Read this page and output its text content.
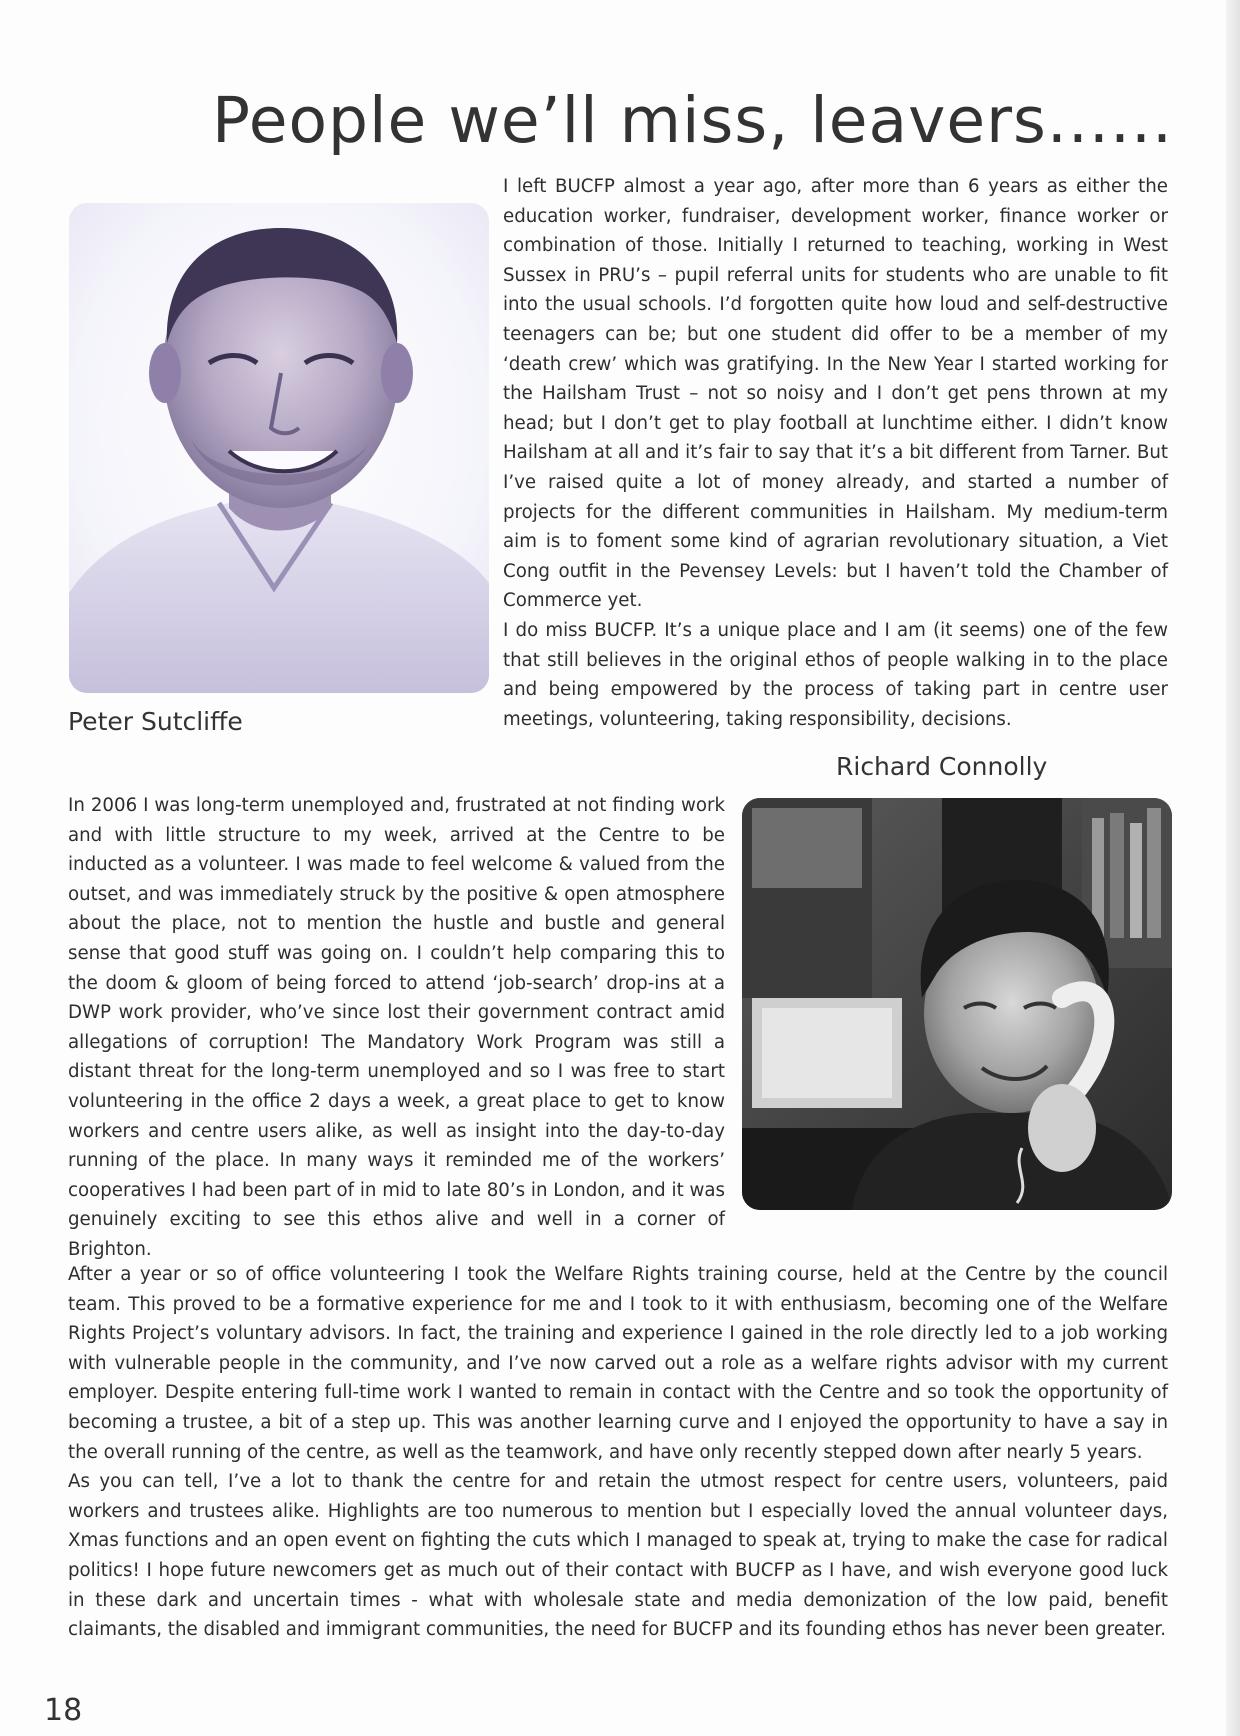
People we’ll miss, leavers......

Peter Sutcliffe

I left BUCFP almost a year ago, after more than 6 years as either the education worker, fundraiser, development worker, finance worker or combination of those. Initially I returned to teaching, working in West Sussex in PRU’s – pupil referral units for students who are unable to fit into the usual schools. I’d forgotten quite how loud and self-destructive teenagers can be; but one student did offer to be a member of my ‘death crew’ which was gratifying. In the New Year I started working for the Hailsham Trust – not so noisy and I don’t get pens thrown at my head; but I don’t get to play football at lunchtime either. I didn’t know Hailsham at all and it’s fair to say that it’s a bit different from Tarner. But I’ve raised quite a lot of money already, and started a number of projects for the different communities in Hailsham. My medium-term aim is to foment some kind of agrarian revolutionary situation, a Viet Cong outfit in the Pevensey Levels: but I haven’t told the Chamber of Commerce yet.

I do miss BUCFP. It’s a unique place and I am (it seems) one of the few that still believes in the original ethos of people walking in to the place and being empowered by the process of taking part in centre user meetings, volunteering, taking responsibility, decisions.

Richard Connolly

In 2006 I was long-term unemployed and, frustrated at not finding work and with little structure to my week, arrived at the Centre to be inducted as a volunteer. I was made to feel welcome & valued from the outset, and was immediately struck by the positive & open atmosphere about the place, not to mention the hustle and bustle and general sense that good stuff was going on. I couldn’t help comparing this to the doom & gloom of being forced to attend ‘job-search’ drop-ins at a DWP work provider, who’ve since lost their government contract amid allegations of corruption! The Mandatory Work Program was still a distant threat for the long-term unemployed and so I was free to start volunteering in the office 2 days a week, a great place to get to know workers and centre users alike, as well as insight into the day-to-day running of the place. In many ways it reminded me of the workers’ cooperatives I had been part of in mid to late 80’s in London, and it was genuinely exciting to see this ethos alive and well in a corner of Brighton.

After a year or so of office volunteering I took the Welfare Rights training course, held at the Centre by the council team. This proved to be a formative experience for me and I took to it with enthusiasm, becoming one of the Welfare Rights Project’s voluntary advisors. In fact, the training and experience I gained in the role directly led to a job working with vulnerable people in the community, and I’ve now carved out a role as a welfare rights advisor with my current employer. Despite entering full-time work I wanted to remain in contact with the Centre and so took the opportunity of becoming a trustee, a bit of a step up. This was another learning curve and I enjoyed the opportunity to have a say in the overall running of the centre, as well as the teamwork, and have only recently stepped down after nearly 5 years.

As you can tell, I’ve a lot to thank the centre for and retain the utmost respect for centre users, volunteers, paid workers and trustees alike. Highlights are too numerous to mention but I especially loved the annual volunteer days, Xmas functions and an open event on fighting the cuts which I managed to speak at, trying to make the case for radical politics! I hope future newcomers get as much out of their contact with BUCFP as I have, and wish everyone good luck in these dark and uncertain times - what with wholesale state and media demonization of the low paid, benefit claimants, the disabled and immigrant communities, the need for BUCFP and its founding ethos has never been greater.

18
